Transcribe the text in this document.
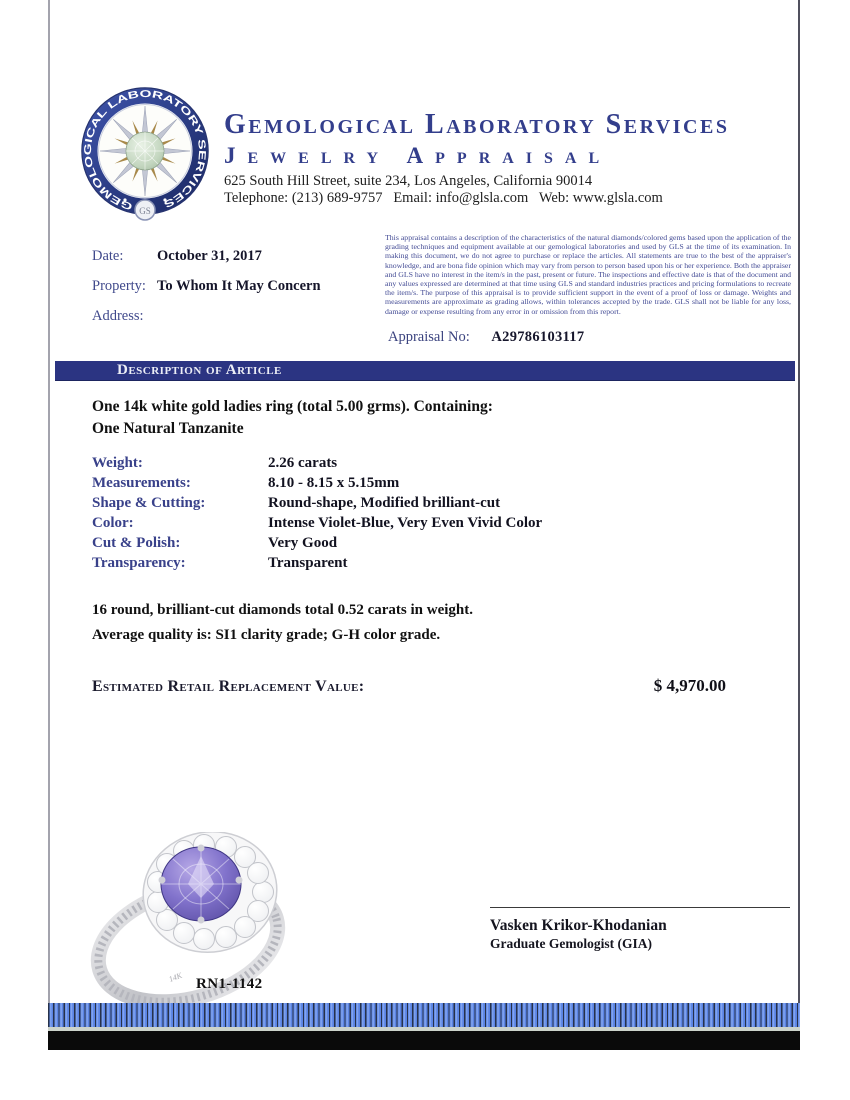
GEMOLOGICAL LABORATORY SERVICES
GS
Gemological Laboratory Services
Jewelry Appraisal
625 South Hill Street, suite 234, Los Angeles, California 90014
Telephone: (213) 689-9757   Email: info@glsla.com   Web: www.glsla.com
Date:	October 31, 2017
Property: To Whom It May Concern
Address:
This appraisal contains a description of the characteristics of the natural diamonds/colored gems based upon the application of the grading techniques and equipment available at our gemological laboratories and used by GLS at the time of its examination. In making this document, we do not agree to purchase or replace the articles. All statements are true to the best of the appraiser's knowledge, and are bona fide opinion which may vary from person to person based upon his or her experience. Both the appraiser and GLS have no interest in the item/s in the past, present or future. The inspections and effective date is that of the document and any values expressed are determined at that time using GLS and standard industries practices and pricing formulations to recreate the item/s. The purpose of this appraisal is to provide sufficient support in the event of a proof of loss or damage. Weights and measurements are approximate as grading allows, within tolerances accepted by the trade. GLS shall not be liable for any loss, damage or expense resulting from any error in or omission from this report.
Appraisal No: A29786103117
Description of Article
One 14k white gold ladies ring (total 5.00 grms). Containing:
One Natural Tanzanite
Weight:	2.26 carats
Measurements:	8.10 - 8.15 x 5.15mm
Shape & Cutting:	Round-shape, Modified brilliant-cut
Color:	Intense Violet-Blue, Very Even Vivid Color
Cut & Polish:	Very Good
Transparency:	Transparent
16 round, brilliant-cut diamonds total 0.52 carats in weight.
Average quality is: SI1 clarity grade; G-H color grade.
Estimated Retail Replacement Value:	$ 4,970.00
14K RN1-1142
Vasken Krikor-Khodanian
Graduate Gemologist (GIA)
